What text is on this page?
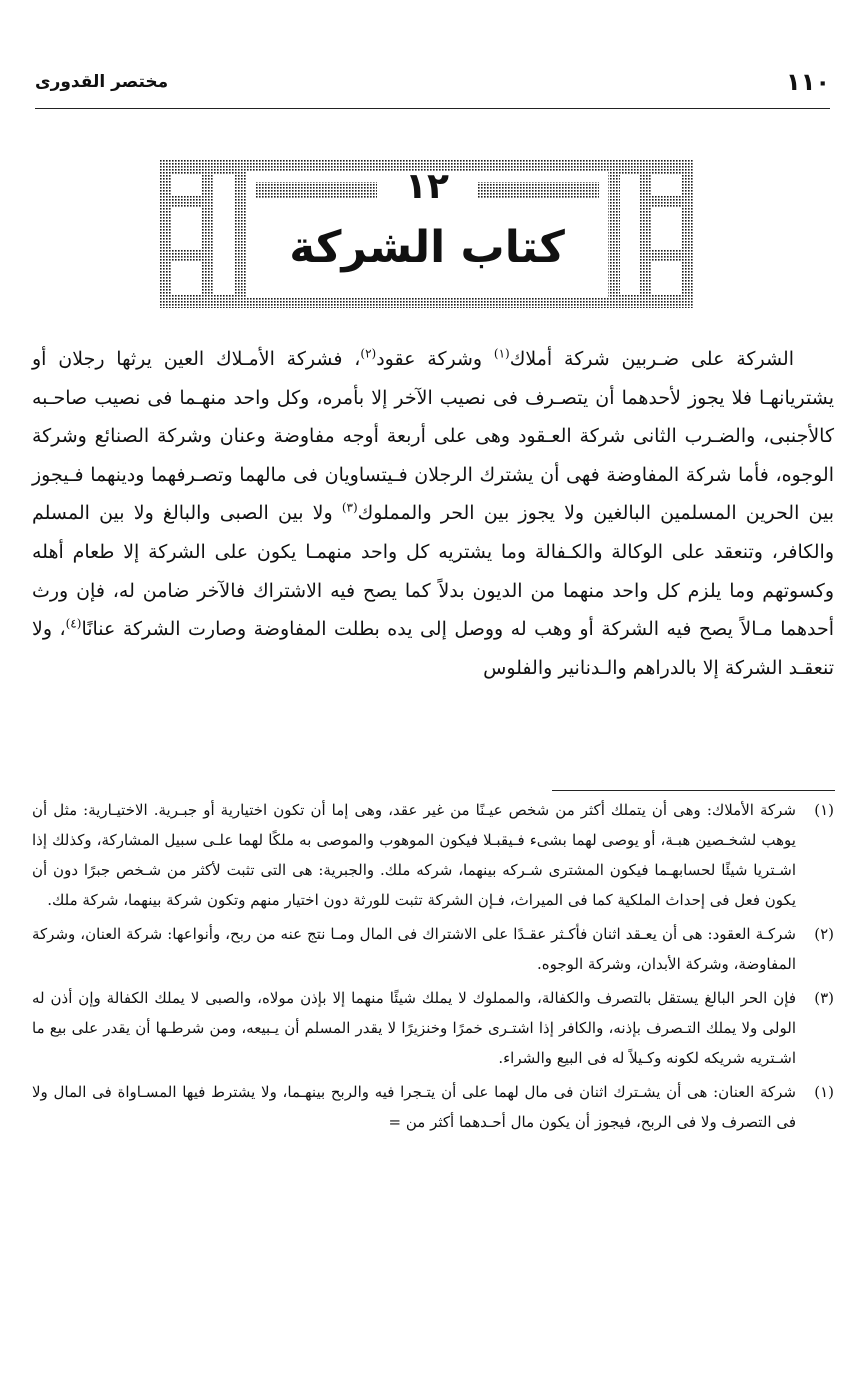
١١٠
مختصر القدورى
١٢
كتاب الشركة

الشركة على ضـربين شركة أملاك$^{(١)}$ وشركة عقود$^{(٢)}$، فشركة الأمـلاك العين يرثها رجلان أو يشتريانهـا فلا يجوز لأحدهما أن يتصـرف فى نصيب الآخر إلا بأمره، وكل واحد منهـما فى نصيب صاحـبه كالأجنبى، والضـرب الثانى شركة العـقود وهى على أربعة أوجه مفاوضة وعنان وشركة الصنائع وشركة الوجوه، فأما شركة المفاوضة فهى أن يشترك الرجلان فـيتساويان فى مالهما وتصـرفهما ودينهما فـيجوز بين الحرين المسلمين البالغين ولا يجوز بين الحر والمملوك$^{(٣)}$ ولا بين الصبى والبالغ ولا بين المسلم والكافر، وتنعقد على الوكالة والكـفالة وما يشتريه كل واحد منهمـا يكون على الشركة إلا طعام أهله وكسوتهم وما يلزم كل واحد منهما من الديون بدلاً كما يصح فيه الاشتراك فالآخر ضامن له، فإن ورث أحدهما مـالاً يصح فيه الشركة أو وهب له ووصل إلى يده بطلت المفاوضة وصارت الشركة عنانًا$^{(٤)}$، ولا تنعقـد الشركة إلا بالدراهم والـدنانير والفلوس

(١)
شركة الأملاك: وهى أن يتملك أكثر من شخص عيـنًا من غير عقد، وهى إما أن تكون اختيارية أو جبـرية. الاختيـارية: مثل أن يوهب لشخـصين هبـة، أو يوصى لهما بشىء فـيقبـلا فيكون الموهوب والموصى به ملكًا لهما علـى سبيل المشاركة، وكذلك إذا اشـتريا شيئًا لحسابهـما فيكون المشترى شـركه بينهما، شركه ملك. والجبرية: هى التى تثبت لأكثر من شـخص جبرًا دون أن يكون فعل فى إحداث الملكية كما فى الميراث، فـإن الشركة تثبت للورثة دون اختيار منهم وتكون شركة بينهما، شركة ملك.

(٢)
شركـة العقود: هى أن يعـقد اثنان فأكـثر عقـدًا على الاشتراك فى المال ومـا نتج عنه من ربح، وأنواعها: شركة العنان، وشركة المفاوضة، وشركة الأبدان، وشركة الوجوه.

(٣)
فإن الحر البالغ يستقل بالتصرف والكفالة، والمملوك لا يملك شيئًا منهما إلا بإذن مولاه، والصبى لا يملك الكفالة وإن أذن له الولى ولا يملك التـصرف بإذنه، والكافر إذا اشتـرى خمرًا وخنزيرًا لا يقدر المسلم أن يـبيعه، ومن شرطـها أن يقدر على بيع ما اشـتريه شريكه لكونه وكـيلاً له فى البيع والشراء.

(١)
شركة العنان: هى أن يشـترك اثنان فى مال لهما على أن يتـجرا فيه والربح بينهـما، ولا يشترط فيها المسـاواة فى المال ولا فى التصرف ولا فى الربح، فيجوز أن يكون مال أحـدهما أكثر من =
